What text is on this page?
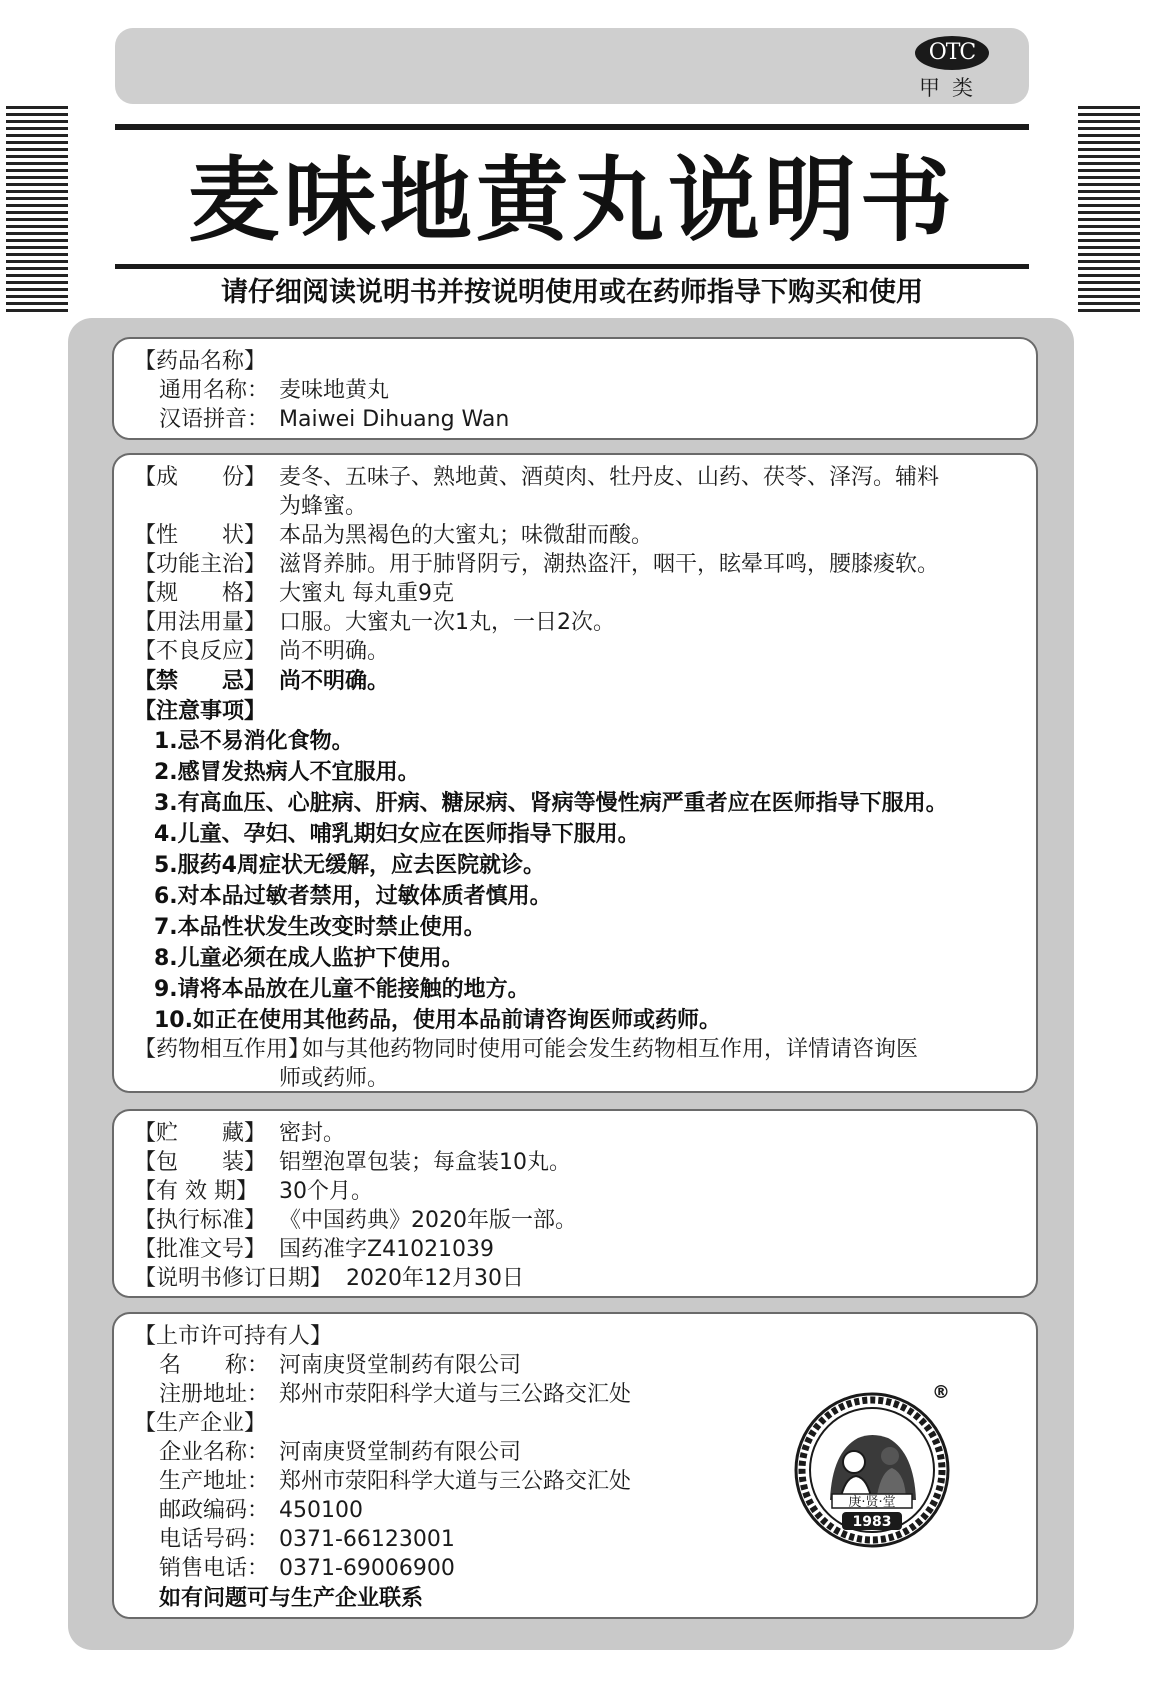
OTC
甲类
麦味地黄丸说明书
请仔细阅读说明书并按说明使用或在药师指导下购买和使用
【药品名称】
通用名称： 麦味地黄丸
汉语拼音： Maiwei Dihuang Wan
【成　　份】 麦冬、五味子、熟地黄、酒萸肉、牡丹皮、山药、茯苓、泽泻。辅料
为蜂蜜。
【性　　状】 本品为黑褐色的大蜜丸；味微甜而酸。
【功能主治】 滋肾养肺。用于肺肾阴亏，潮热盗汗，咽干，眩晕耳鸣，腰膝痠软。
【规　　格】 大蜜丸 每丸重9克
【用法用量】 口服。大蜜丸一次1丸，一日2次。
【不良反应】 尚不明确。
【禁　　忌】 尚不明确。
【注意事项】
1.忌不易消化食物。
2.感冒发热病人不宜服用。
3.有高血压、心脏病、肝病、糖尿病、肾病等慢性病严重者应在医师指导下服用。
4.儿童、孕妇、哺乳期妇女应在医师指导下服用。
5.服药4周症状无缓解，应去医院就诊。
6.对本品过敏者禁用，过敏体质者慎用。
7.本品性状发生改变时禁止使用。
8.儿童必须在成人监护下使用。
9.请将本品放在儿童不能接触的地方。
10.如正在使用其他药品，使用本品前请咨询医师或药师。
【药物相互作用】
如与其他药物同时使用可能会发生药物相互作用，详情请咨询医
师或药师。
【贮　　藏】 密封。
【包　　装】 铝塑泡罩包装；每盒装10丸。
【有 效 期】 30个月。
【执行标准】 《中国药典》2020年版一部。
【批准文号】 国药准字Z41021039
【说明书修订日期】 2020年12月30日
【上市许可持有人】
名　　称： 河南庚贤堂制药有限公司
注册地址： 郑州市荥阳科学大道与三公路交汇处
【生产企业】
企业名称： 河南庚贤堂制药有限公司
生产地址： 郑州市荥阳科学大道与三公路交汇处
邮政编码： 450100
电话号码： 0371-66123001
销售电话： 0371-69006900
如有问题可与生产企业联系
庚·贤·堂
1983
®
